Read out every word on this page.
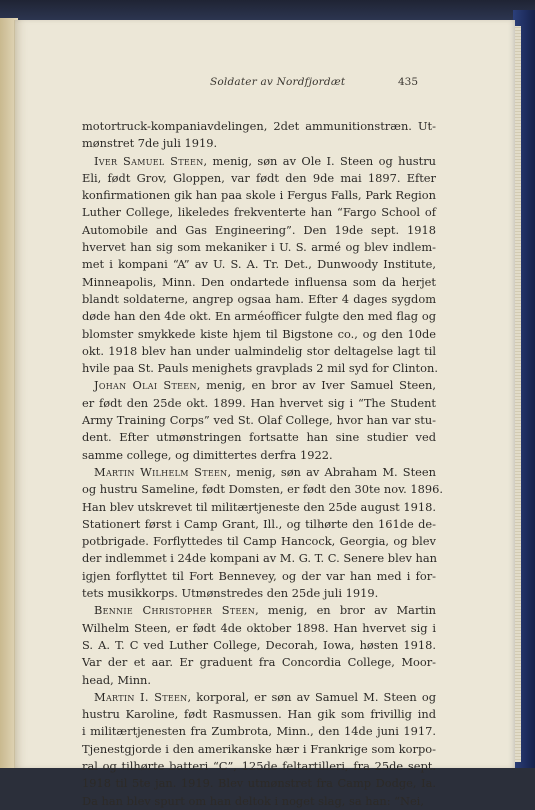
Soldater av Nordfjordæt	435
motortruck-kompaniavdelingen, 2det ammunitionstræn. Ut-
mønstret 7de juli 1919.
Iver Samuel Steen, menig, søn av Ole I. Steen og hustru
Eli, født Grov, Gloppen, var født den 9de mai 1897. Efter
konfirmationen gik han paa skole i Fergus Falls, Park Region
Luther College, likeledes frekventerte han “Fargo School of
Automobile and Gas Engineering”. Den 19de sept. 1918
hvervet han sig som mekaniker i U. S. armé og blev indlem-
met i kompani “A” av U. S. A. Tr. Det., Dunwoody Institute,
Minneapolis, Minn. Den ondartede influensa som da herjet
blandt soldaterne, angrep ogsaa ham. Efter 4 dages sygdom
døde han den 4de okt. En arméofficer fulgte den med flag og
blomster smykkede kiste hjem til Bigstone co., og den 10de
okt. 1918 blev han under ualmindelig stor deltagelse lagt til
hvile paa St. Pauls menighets gravplads 2 mil syd for Clinton.
Johan Olai Steen, menig, en bror av Iver Samuel Steen,
er født den 25de okt. 1899. Han hvervet sig i “The Student
Army Training Corps” ved St. Olaf College, hvor han var stu-
dent. Efter utmønstringen fortsatte han sine studier ved
samme college, og dimittertes derfra 1922.
Martin Wilhelm Steen, menig, søn av Abraham M. Steen
og hustru Sameline, født Domsten, er født den 30te nov. 1896.
Han blev utskrevet til militærtjeneste den 25de august 1918.
Stationert først i Camp Grant, Ill., og tilhørte den 161de de-
potbrigade. Forflyttedes til Camp Hancock, Georgia, og blev
der indlemmet i 24de kompani av M. G. T. C. Senere blev han
igjen forflyttet til Fort Bennevey, og der var han med i for-
tets musikkorps. Utmønstredes den 25de juli 1919.
Bennie Christopher Steen, menig, en bror av Martin
Wilhelm Steen, er født 4de oktober 1898. Han hvervet sig i
S. A. T. C ved Luther College, Decorah, Iowa, høsten 1918.
Var der et aar. Er graduent fra Concordia College, Moor-
head, Minn.
Martin I. Steen, korporal, er søn av Samuel M. Steen og
hustru Karoline, født Rasmussen. Han gik som frivillig ind
i militærtjenesten fra Zumbrota, Minn., den 14de juni 1917.
Tjenestgjorde i den amerikanske hær i Frankrige som korpo-
ral og tilhørte batteri “C”, 125de feltartilleri, fra 25de sept.
1918 til 5te jan. 1919. Blev utmønstret fra Camp Dodge, Ia.
Da han blev spurt om han deltok i noget slag, sa han: “Nei,
